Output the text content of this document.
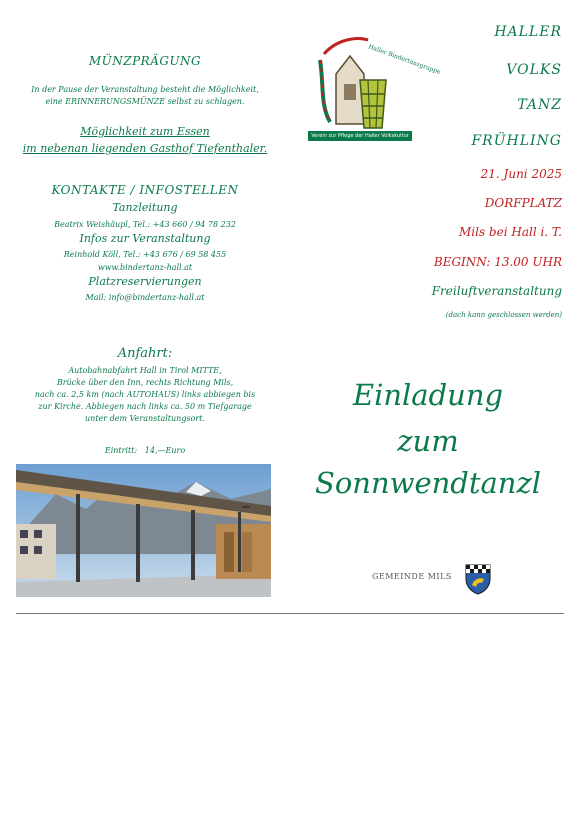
MÜNZPRÄGUNG
In der Pause der Veranstaltung besteht die Möglichkeit,
eine ERINNERUNGSMÜNZE selbst zu schlagen.
Möglichkeit zum Essen
im nebenan liegenden Gasthof Tiefenthaler.
KONTAKTE / INFOSTELLEN
Tanzleitung
Beatrix Weishäupl, Tel.: +43 660 / 94 78 232
Infos zur Veranstaltung
Reinhold Köll, Tel.: +43 676 / 69 58 455
www.bindertanz-hall.at
Platzreservierungen
Mail: info@bindertanz-hall.at
Anfahrt:
Autobahnabfahrt Hall in Tirol MITTE,
Brücke über den Inn, rechts Richtung Mils,
nach ca. 2,5 km (nach AUTOHAUS) links abbiegen bis
zur Kirche. Abbiegen nach links ca. 50 m Tiefgarage
unter dem Veranstaltungsort.
Eintritt: 14,—Euro
Haller Bindertanzgruppe
Verein zur Pflege der Haller Volkskultur
HALLER
VOLKS
TANZ
FRÜHLING
21. Juni 2025
DORFPLATZ
Mils bei Hall i. T.
BEGINN: 13.00 UHR
Freiluftveranstaltung
(dach kann geschlossen werden)
Einladung
zum
Sonnwendtanzl
GEMEINDE MILS
